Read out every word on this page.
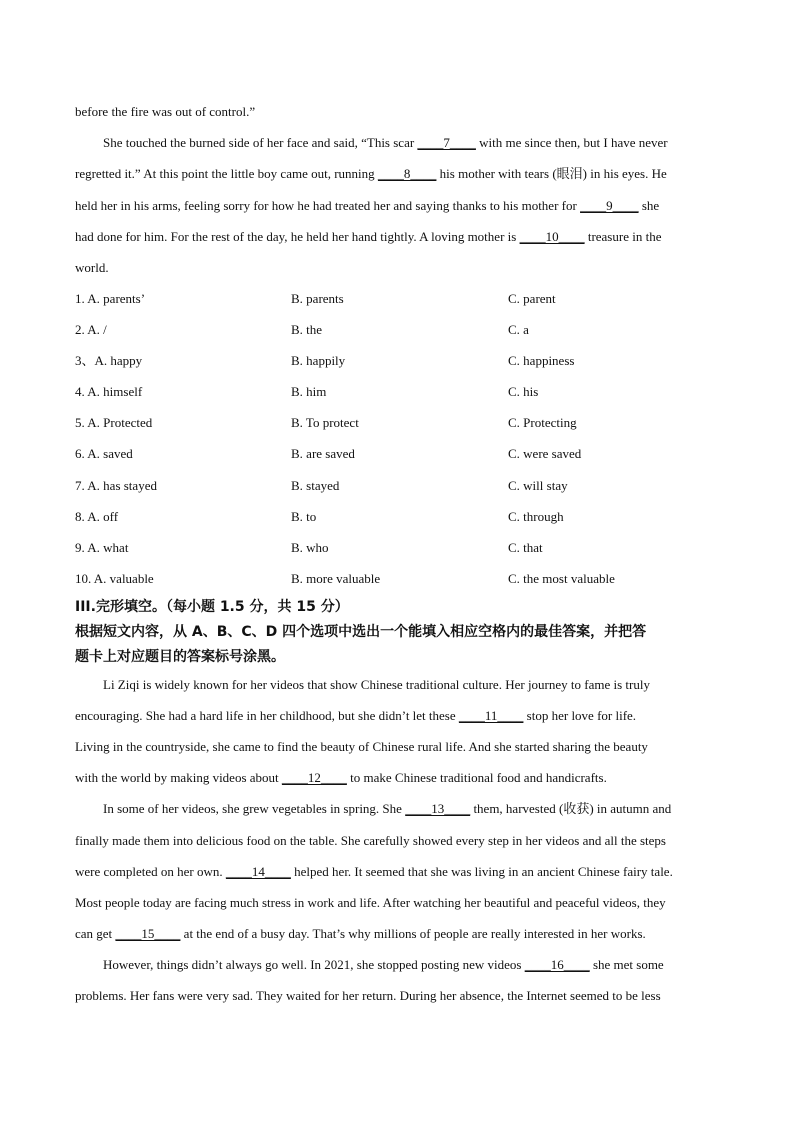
before the fire was out of control.”
She touched the burned side of her face and said, “This scar ____7____ with me since then, but I have never
regretted it.” At this point the little boy came out, running ____8____ his mother with tears (眼泪) in his eyes. He
held her in his arms, feeling sorry for how he had treated her and saying thanks to his mother for ____9____ she
had done for him. For the rest of the day, he held her hand tightly. A loving mother is ____10____ treasure in the
world.
1. A. parents’	B. parents	C. parent
2. A. /	B. the	C. a
3、A. happy	B. happily	C. happiness
4. A. himself	B. him	C. his
5. A. Protected	B. To protect	C. Protecting
6. A. saved	B. are saved	C. were saved
7. A. has stayed	B. stayed	C. will stay
8. A. off	B. to	C. through
9. A. what	B. who	C. that
10. A. valuable	B. more valuable	C. the most valuable
III.完形填空。（每小题 1.5 分，共 15 分）
根据短文内容，从 A、B、C、D 四个选项中选出一个能填入相应空格内的最佳答案，并把答
题卡上对应题目的答案标号涂黑。
Li Ziqi is widely known for her videos that show Chinese traditional culture. Her journey to fame is truly
encouraging. She had a hard life in her childhood, but she didn’t let these ____11____ stop her love for life.
Living in the countryside, she came to find the beauty of Chinese rural life. And she started sharing the beauty
with the world by making videos about ____12____ to make Chinese traditional food and handicrafts.
In some of her videos, she grew vegetables in spring. She ____13____ them, harvested (收获) in autumn and
finally made them into delicious food on the table. She carefully showed every step in her videos and all the steps
were completed on her own. ____14____ helped her. It seemed that she was living in an ancient Chinese fairy tale.
Most people today are facing much stress in work and life. After watching her beautiful and peaceful videos, they
can get ____15____ at the end of a busy day. That’s why millions of people are really interested in her works.
However, things didn’t always go well. In 2021, she stopped posting new videos ____16____ she met some
problems. Her fans were very sad. They waited for her return. During her absence, the Internet seemed to be less
